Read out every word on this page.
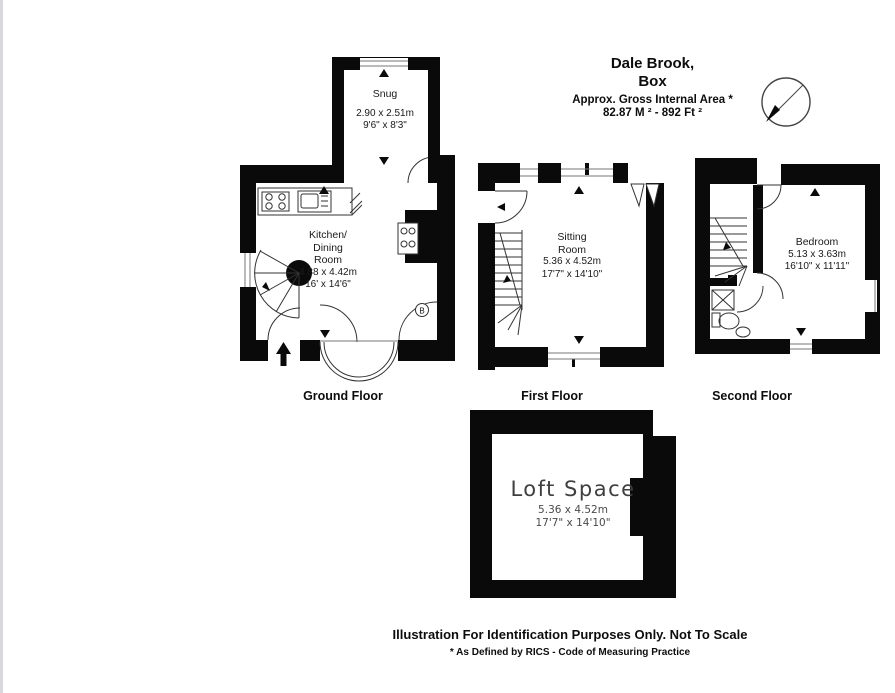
B
Dale Brook,
Box
Approx. Gross Internal Area *
82.87 M ² - 892 Ft ²
Snug
2.90 x 2.51m
9'6" x 8'3"
Kitchen/
Dining
Room
4.88 x 4.42m
16' x 14'6"
Sitting
Room
5.36 x 4.52m
17'7" x 14'10"
Bedroom
5.13 x 3.63m
16'10" x 11'11"
Loft Space
5.36 x 4.52m
17'7" x 14'10"
Ground Floor	First Floor	Second Floor
Illustration For Identification Purposes Only. Not To Scale
* As Defined by RICS - Code of Measuring Practice
